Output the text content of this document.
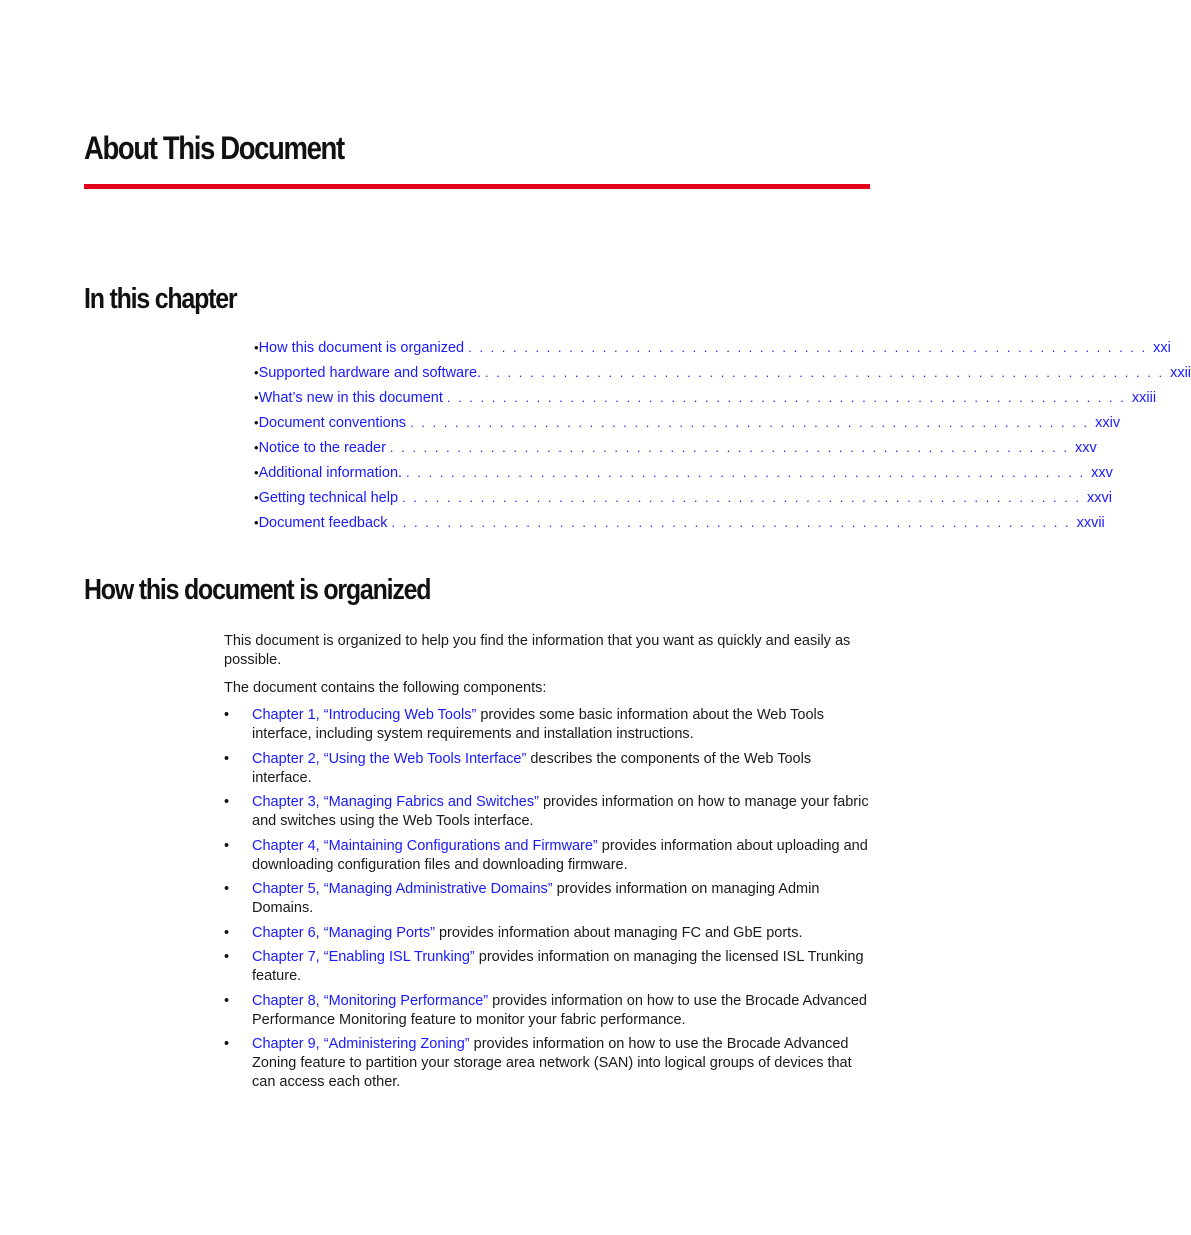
About This Document
In this chapter
• How this document is organized . . . . . . . . . . . . . . . . . . . . . . . . . . . . . . . . . . . . . . . . . . . . . . . . . . . . . . . . . . . . . xxi
• Supported hardware and software. . . . . . . . . . . . . . . . . . . . . . . . . . . . . . . . . . . . . . . . . . . . . . . . . . . . . . . . . . . . . . xxii
• What’s new in this document . . . . . . . . . . . . . . . . . . . . . . . . . . . . . . . . . . . . . . . . . . . . . . . . . . . . . . . . . . . . . xxiii
• Document conventions . . . . . . . . . . . . . . . . . . . . . . . . . . . . . . . . . . . . . . . . . . . . . . . . . . . . . . . . . . . . . xxiv
• Notice to the reader . . . . . . . . . . . . . . . . . . . . . . . . . . . . . . . . . . . . . . . . . . . . . . . . . . . . . . . . . . . . . xxv
• Additional information. . . . . . . . . . . . . . . . . . . . . . . . . . . . . . . . . . . . . . . . . . . . . . . . . . . . . . . . . . . . . . xxv
• Getting technical help . . . . . . . . . . . . . . . . . . . . . . . . . . . . . . . . . . . . . . . . . . . . . . . . . . . . . . . . . . . . . xxvi
• Document feedback . . . . . . . . . . . . . . . . . . . . . . . . . . . . . . . . . . . . . . . . . . . . . . . . . . . . . . . . . . . . . xxvii
How this document is organized

This document is organized to help you find the information that you want as quickly and easily as possible.

The document contains the following components:

• Chapter 1, “Introducing Web Tools” provides some basic information about the Web Tools interface, including system requirements and installation instructions.
• Chapter 2, “Using the Web Tools Interface” describes the components of the Web Tools interface.
• Chapter 3, “Managing Fabrics and Switches” provides information on how to manage your fabric and switches using the Web Tools interface.
• Chapter 4, “Maintaining Configurations and Firmware” provides information about uploading and downloading configuration files and downloading firmware.
• Chapter 5, “Managing Administrative Domains” provides information on managing Admin Domains.
• Chapter 6, “Managing Ports” provides information about managing FC and GbE ports.
• Chapter 7, “Enabling ISL Trunking” provides information on managing the licensed ISL Trunking feature.
• Chapter 8, “Monitoring Performance” provides information on how to use the Brocade Advanced Performance Monitoring feature to monitor your fabric performance.
• Chapter 9, “Administering Zoning” provides information on how to use the Brocade Advanced Zoning feature to partition your storage area network (SAN) into logical groups of devices that can access each other.
